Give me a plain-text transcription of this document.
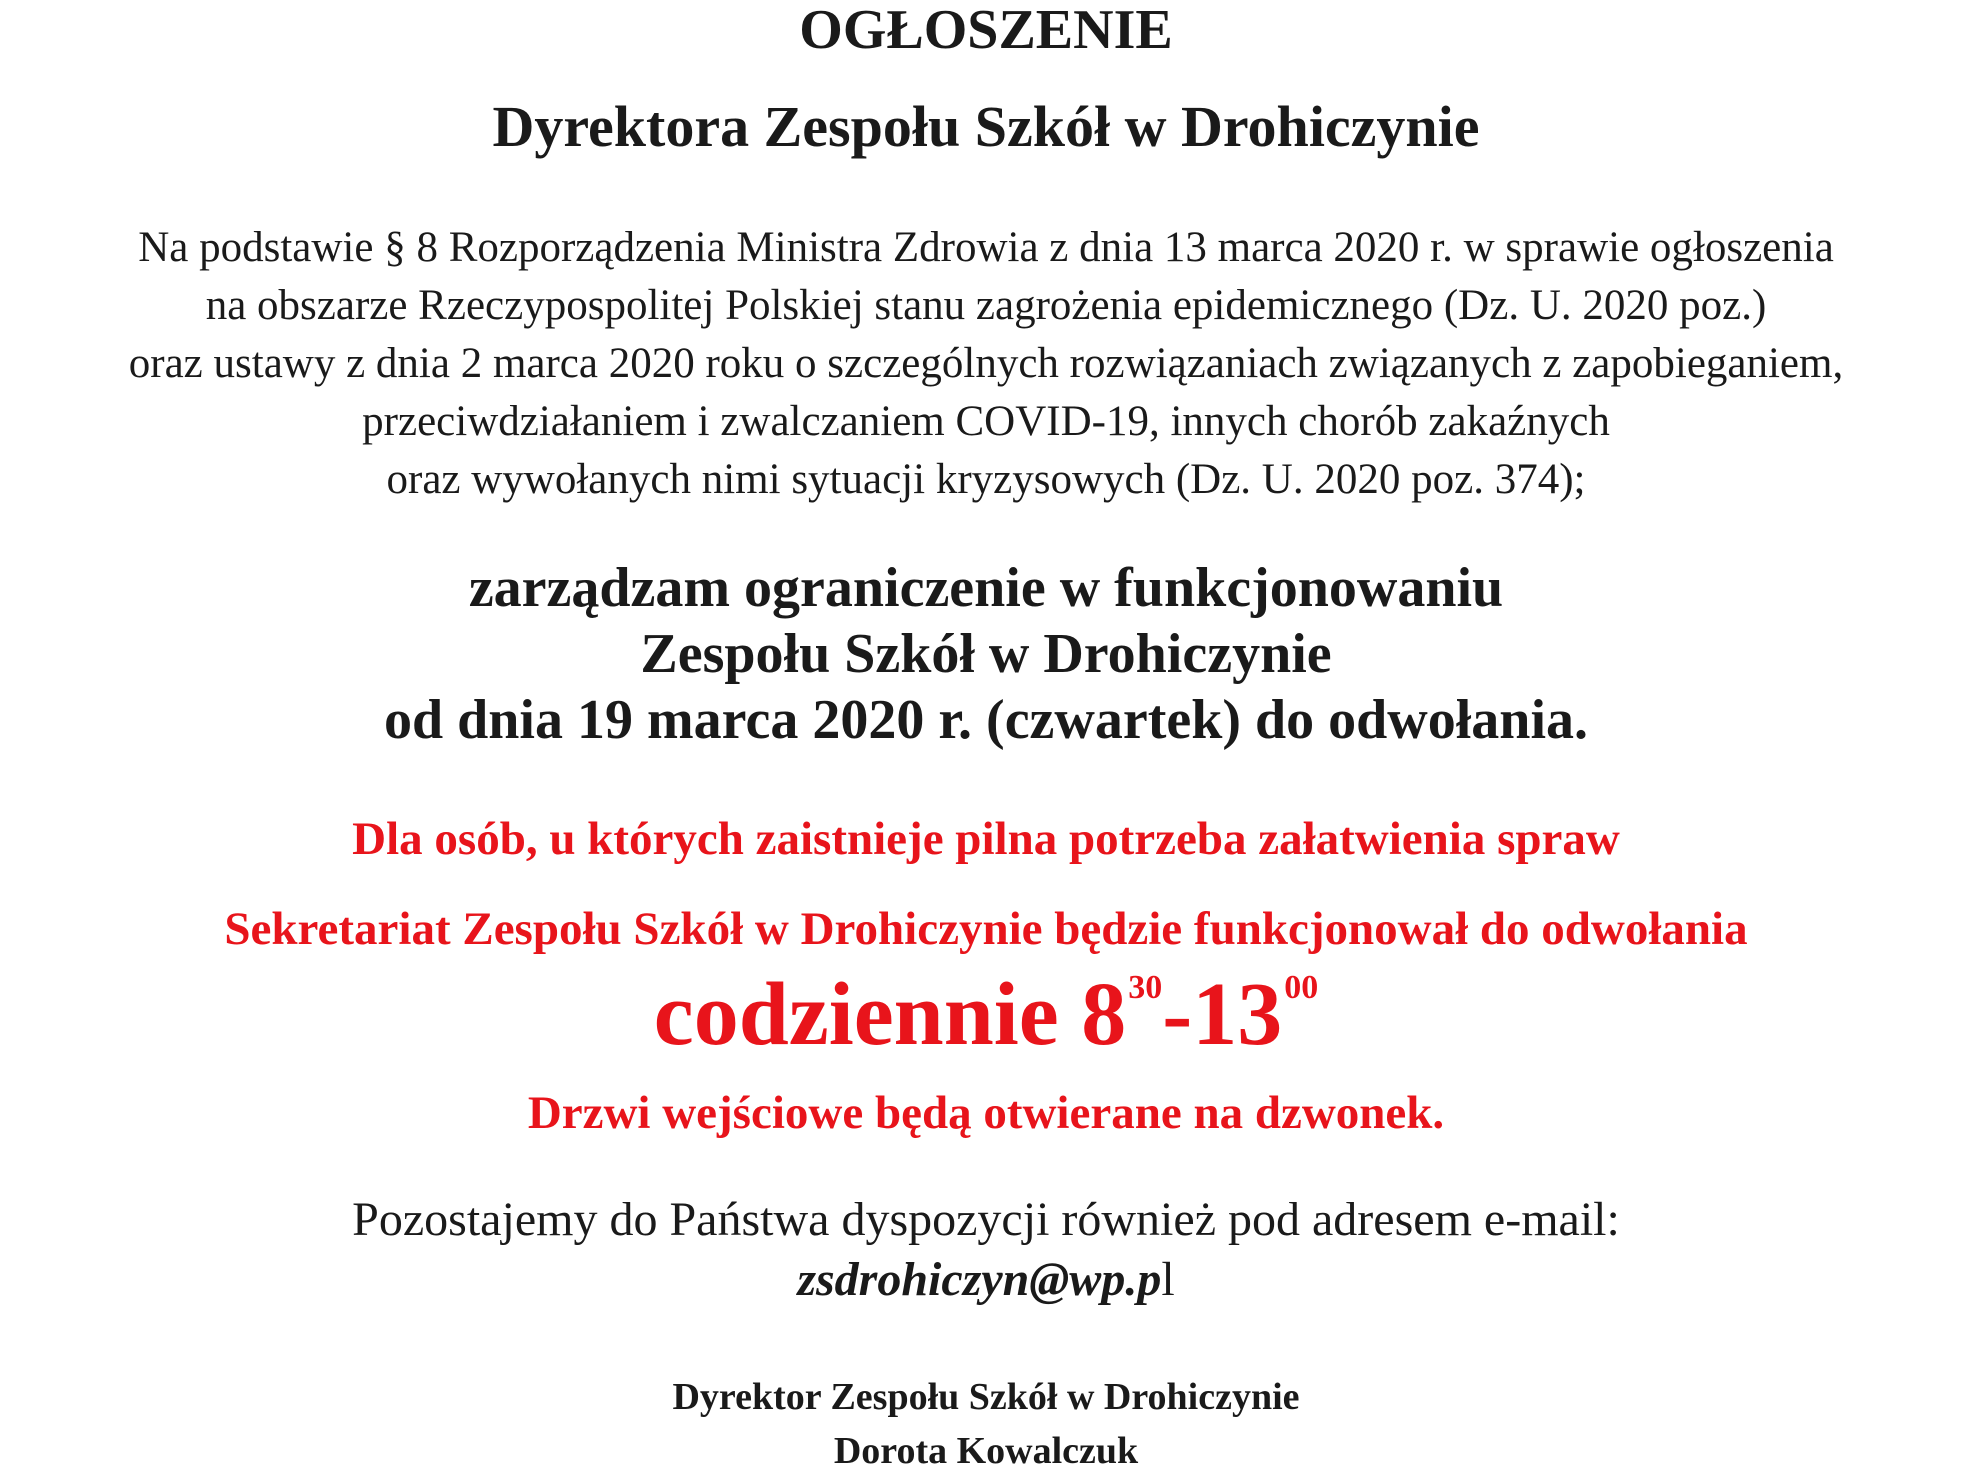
OGŁOSZENIE
Dyrektora Zespołu Szkół w Drohiczynie
Na podstawie § 8 Rozporządzenia Ministra Zdrowia z dnia 13 marca 2020 r. w sprawie ogłoszenia
na obszarze Rzeczypospolitej Polskiej stanu zagrożenia epidemicznego (Dz. U. 2020 poz.)
oraz ustawy z dnia 2 marca 2020 roku o szczególnych rozwiązaniach związanych z zapobieganiem,
przeciwdziałaniem i zwalczaniem COVID-19, innych chorób zakaźnych
oraz wywołanych nimi sytuacji kryzysowych (Dz. U. 2020 poz. 374);
zarządzam ograniczenie w funkcjonowaniu
Zespołu Szkół w Drohiczynie
od dnia 19 marca 2020 r. (czwartek) do odwołania.
Dla osób, u których zaistnieje pilna potrzeba załatwienia spraw
Sekretariat Zespołu Szkół w Drohiczynie będzie funkcjonował do odwołania
codziennie $8^{30}-13^{00}$
Drzwi wejściowe będą otwierane na dzwonek.
Pozostajemy do Państwa dyspozycji również pod adresem e-mail:
zsdrohiczyn@wp.pl
Dyrektor Zespołu Szkół w Drohiczynie
Dorota Kowalczuk
